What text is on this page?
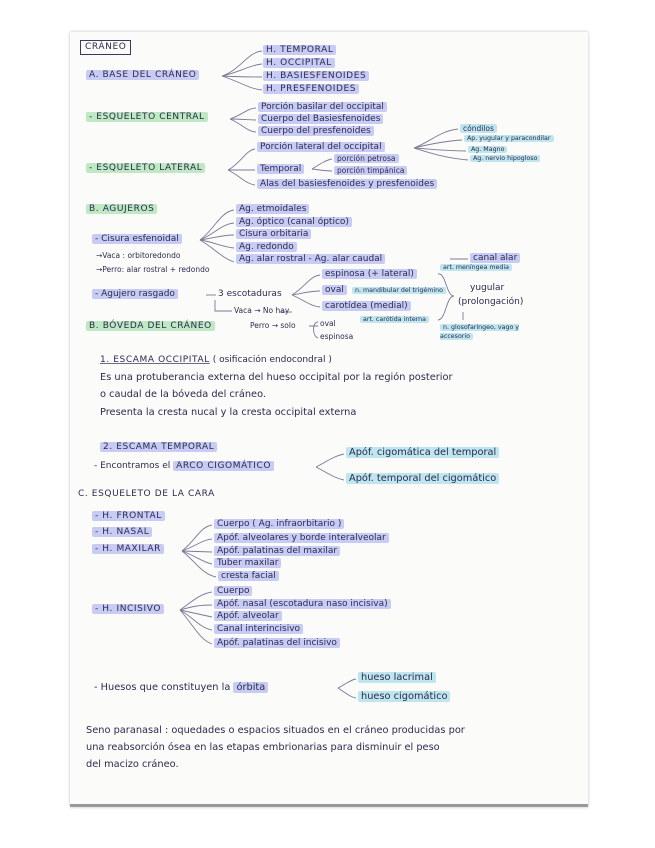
CRÁNEO
A. BASE DEL CRÁNEO
H. TEMPORAL
H. OCCIPITAL
H. BASIESFENOIDES
H. PRESFENOIDES
- ESQUELETO CENTRAL
Porción basilar del occipital
Cuerpo del Basiesfenoides
Cuerpo del presfenoides
- ESQUELETO LATERAL
Porción lateral del occipital
cóndilos
Ap. yugular y paracondilar
Ag. Magno
Ag. nervio hipogloso
Temporal
porción petrosa
porción timpánica
Alas del basiesfenoides y presfenoides
B. AGUJEROS	Ag. etmoidales
Ag. óptico (canal óptico)
Cisura orbitaria
Ag. redondo
- Cisura esfenoidal
Ag. alar rostral - Ag. alar caudal	canal alar
→Vaca : orbitoredondo
→Perro: alar rostral + redondo
- Agujero rasgado	3 escotaduras
espinosa (+ lateral)
art. meníngea media
oval	n. mandibular del trigémino
carotídea (medial)
art. carótida interna
yugular
(prolongación)
n. glosofaríngeo, vago y accesorio
Vaca → No hay
Perro → solo	oval
espinosa
B. BÓVEDA DEL CRÁNEO
1. ESCAMA OCCIPITAL ( osificación endocondral )
Es una protuberancia externa del hueso occipital por la región posterior
o caudal de la bóveda del cráneo.
Presenta la cresta nucal y la cresta occipital externa
2. ESCAMA TEMPORAL
- Encontramos el ARCO CIGOMÁTICO
Apóf. cigomática del temporal
Apóf. temporal del cigomático
C. ESQUELETO DE LA CARA
- H. FRONTAL
- H. NASAL
- H. MAXILAR
Cuerpo ( Ag. infraorbitario )
Apóf. alveolares y borde interalveolar
Apóf. palatinas del maxilar
Tuber maxilar
cresta facial
- H. INCISIVO
Cuerpo
Apóf. nasal (escotadura naso incisiva)
Apóf. alveolar
Canal interincisivo
Apóf. palatinas del incisivo
- Huesos que constituyen la órbita
hueso lacrimal
hueso cigomático
Seno paranasal : oquedades o espacios situados en el cráneo producidas por
una reabsorción ósea en las etapas embrionarias para disminuir el peso
del macizo cráneo.
